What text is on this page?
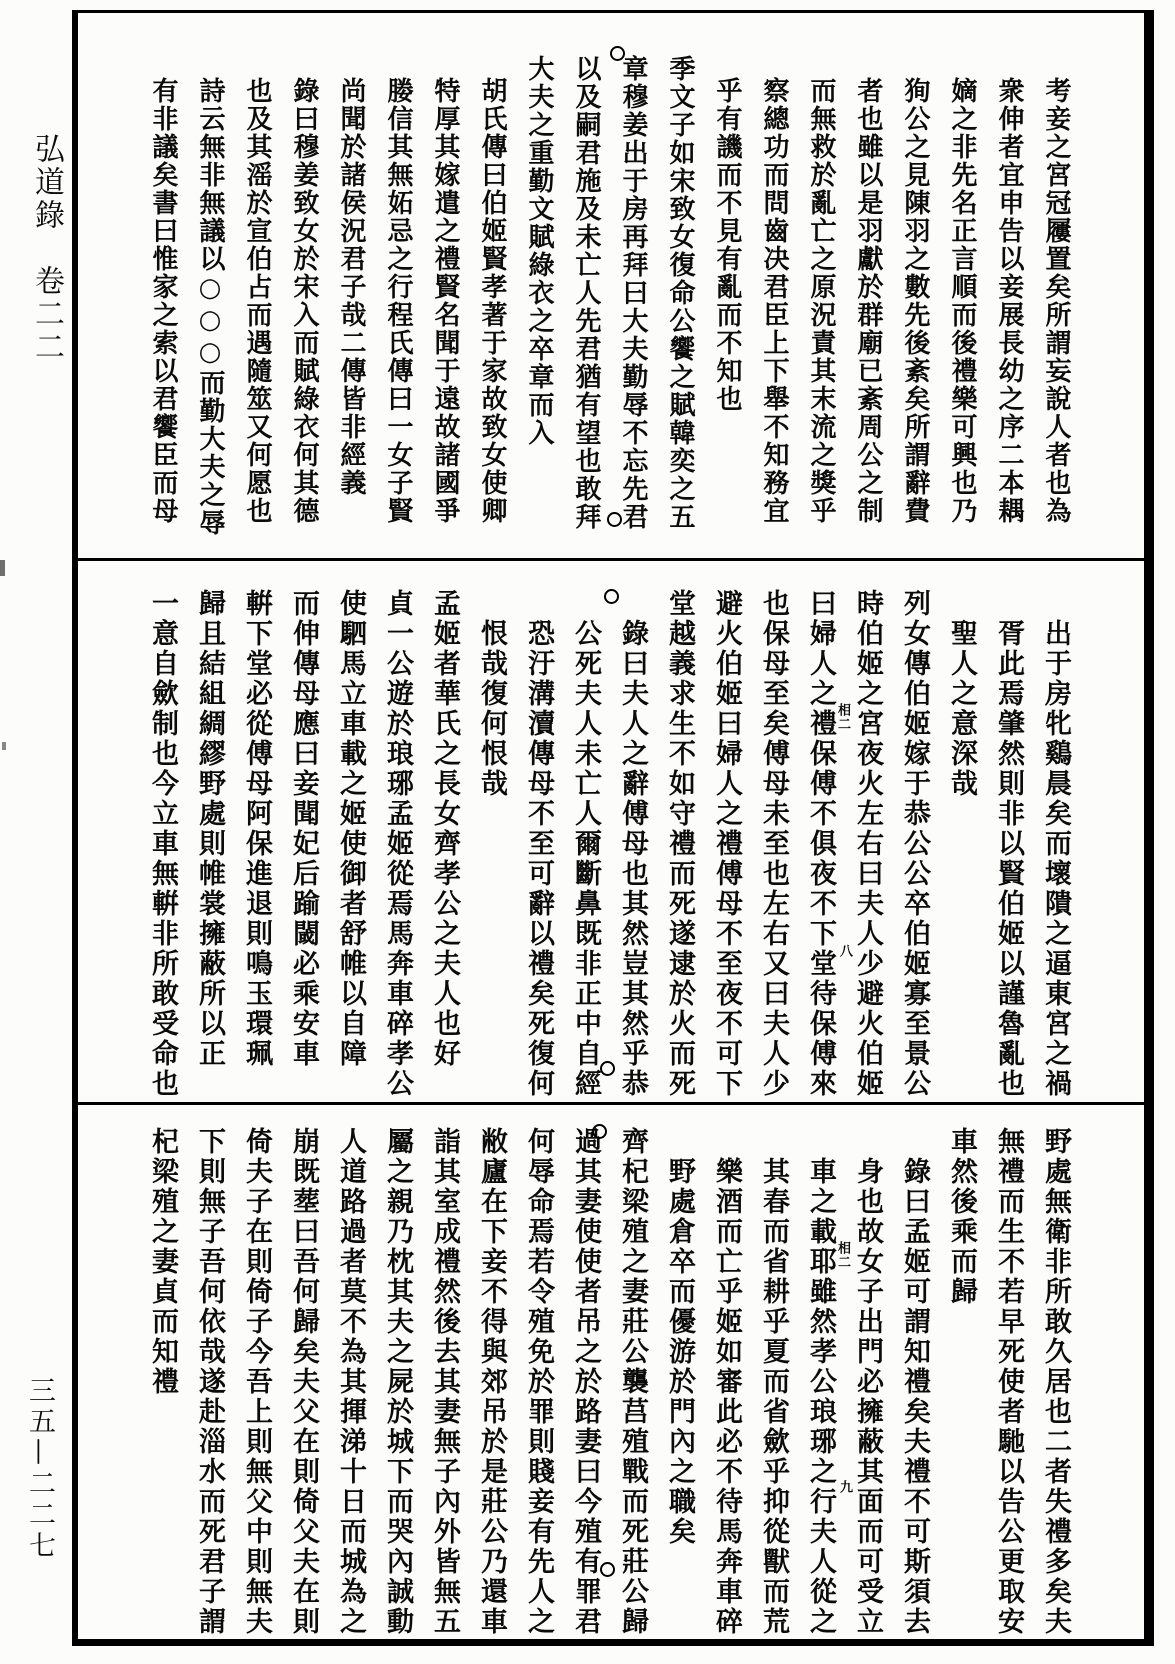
考妾之宮冠屨置矣所謂妄說人者也為
衆伸者宜申告以妾展長幼之序二本耦
嫡之非先名正言順而後禮樂可興也乃
狥公之見陳羽之數先後紊矣所謂辭費
者也雖以是羽獻於群廟已紊周公之制
而無救於亂亡之原況責其末流之獎乎
察總功而問齒决君臣上下舉不知務宜
乎有譏而不見有亂而不知也
季文子如宋致女復命公饗之賦韓奕之五
章穆姜出于房再拜曰大夫勤辱不忘先君
以及嗣君施及未亡人先君猶有望也敢拜
大夫之重勤文賦綠衣之卒章而入
胡氏傳曰伯姬賢孝著于家故致女使卿
特厚其嫁遣之禮賢名聞于遠故諸國爭
媵信其無妬忌之行程氏傳曰一女子賢
尚聞於諸侯況君子哉二傳皆非經義
錄曰穆姜致女於宋入而賦綠衣何其德
也及其滛於宣伯占而遇隨筮又何愿也
詩云無非無議以○○○而勤大夫之辱
有非議矣書曰惟家之索以君饗臣而母
出于房牝鷄晨矣而壞隤之逼東宮之禍
胥此焉肇然則非以賢伯姬以謹魯亂也
聖人之意深哉
列女傳伯姬嫁于恭公公卒伯姬寡至景公
時伯姬之宮夜火左右曰夫人少避火伯姬
曰婦人之禮保傅不俱夜不下堂待保傅來
也保母至矣傅母未至也左右又曰夫人少
避火伯姬曰婦人之禮傅母不至夜不可下
堂越義求生不如守禮而死遂逮於火而死
錄曰夫人之辭傅母也其然豈其然乎恭
公死夫人未亡人爾斷鼻既非正中自經
恐汙溝瀆傳母不至可辭以禮矣死復何
恨哉復何恨哉
孟姬者華氏之長女齊孝公之夫人也好
貞一公遊於琅琊孟姬從焉馬奔車碎孝公
使駟馬立車載之姬使御者舒帷以自障
而伸傳母應曰妾聞妃后踰閾必乘安車
輧下堂必從傅母阿保進退則鳴玉環珮
歸且結組綢繆野處則帷裳擁蔽所以正
一意自歛制也今立車無輧非所敢受命也
野處無衛非所敢久居也二者失禮多矣夫
無禮而生不若早死使者馳以告公更取安
車然後乘而歸
錄曰孟姬可謂知禮矣夫禮不可斯須去
身也故女子出門必擁蔽其面而可受立
車之載耶雖然孝公琅琊之行夫人從之
其春而省耕乎夏而省歛乎抑從獸而荒
樂酒而亡乎姬如審此必不待馬奔車碎
野處倉卒而優游於門內之職矣
齊杞梁殖之妻莊公襲莒殖戰而死莊公歸
過其妻使使者吊之於路妻曰今殖有罪君
何辱命焉若令殖免於罪則賤妾有先人之
敝廬在下妾不得與郊吊於是莊公乃還車
詣其室成禮然後去其妻無子內外皆無五
屬之親乃枕其夫之屍於城下而哭內誠動
人道路過者莫不為其揮涕十日而城為之
崩既塟曰吾何歸矣夫父在則倚父夫在則
倚夫子在則倚子今吾上則無父中則無夫
下則無子吾何依哉遂赴淄水而死君子謂
杞梁殖之妻貞而知禮
弘道錄
卷二二
三五—二二七
相二
八
相二
九
